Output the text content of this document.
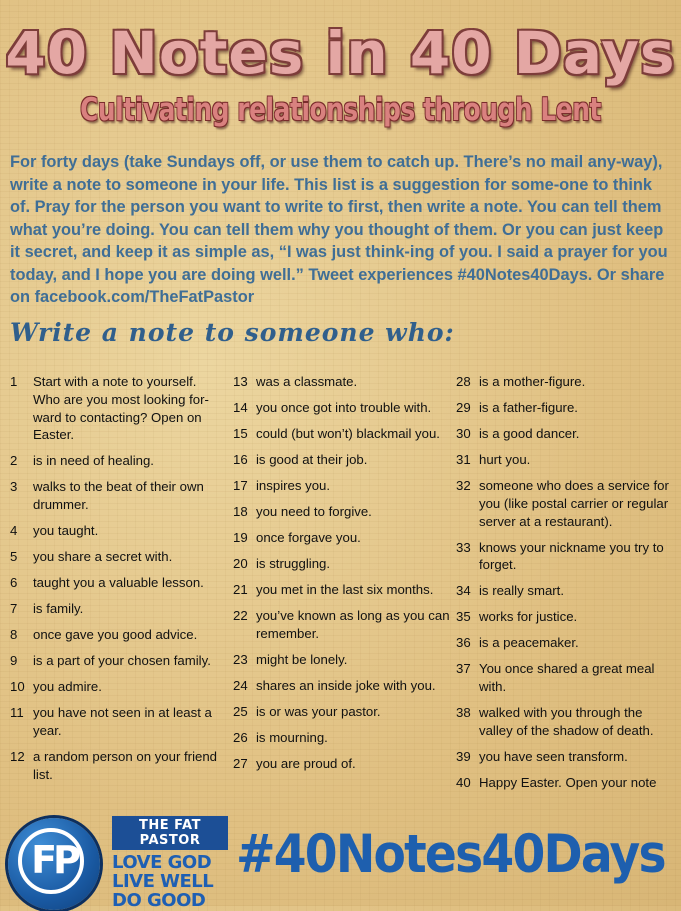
40 Notes in 40 Days
Cultivating relationships through Lent
For forty days (take Sundays off, or use them to catch up. There’s no mail any-way), write a note to someone in your life. This list is a suggestion for some-one to think of. Pray for the person you want to write to first, then write a note. You can tell them what you’re doing. You can tell them why you thought of them. Or you can just keep it secret, and keep it as simple as, “I was just think-ing of you. I said a prayer for you today, and I hope you are doing well.” Tweet experiences #40Notes40Days. Or share on facebook.com/TheFatPastor
Write a note to someone who:
1	Start with a note to yourself. Who are you most looking for-ward to contacting? Open on Easter.
2	is in need of healing.
3	walks to the beat of their own drummer.
4	you taught.
5	you share a secret with.
6	taught you a valuable lesson.
7	is family.
8	once gave you good advice.
9	is a part of your chosen family.
10 you admire.
11 you have not seen in at least a year.
12 a random person on your friend list.
13 was a classmate.
14 you once got into trouble with.
15 could (but won’t) blackmail you.
16 is good at their job.
17 inspires you.
18 you need to forgive.
19 once forgave you.
20 is struggling.
21 you met in the last six months.
22 you’ve known as long as you can remember.
23 might be lonely.
24 shares an inside joke with you.
25 is or was your pastor.
26 is mourning.
27 you are proud of.
28 is a mother-figure.
29 is a father-figure.
30 is a good dancer.
31 hurt you.
32 someone who does a service for you (like postal carrier or regular server at a restaurant).
33 knows your nickname you try to forget.
34 is really smart.
35 works for justice.
36 is a peacemaker.
37 You once shared a great meal with.
38 walked with you through the valley of the shadow of death.
39 you have seen transform.
40 Happy Easter. Open your note
FP
THE FAT PASTOR
LOVE GOD
LIVE WELL
DO GOOD
#40Notes40Days
